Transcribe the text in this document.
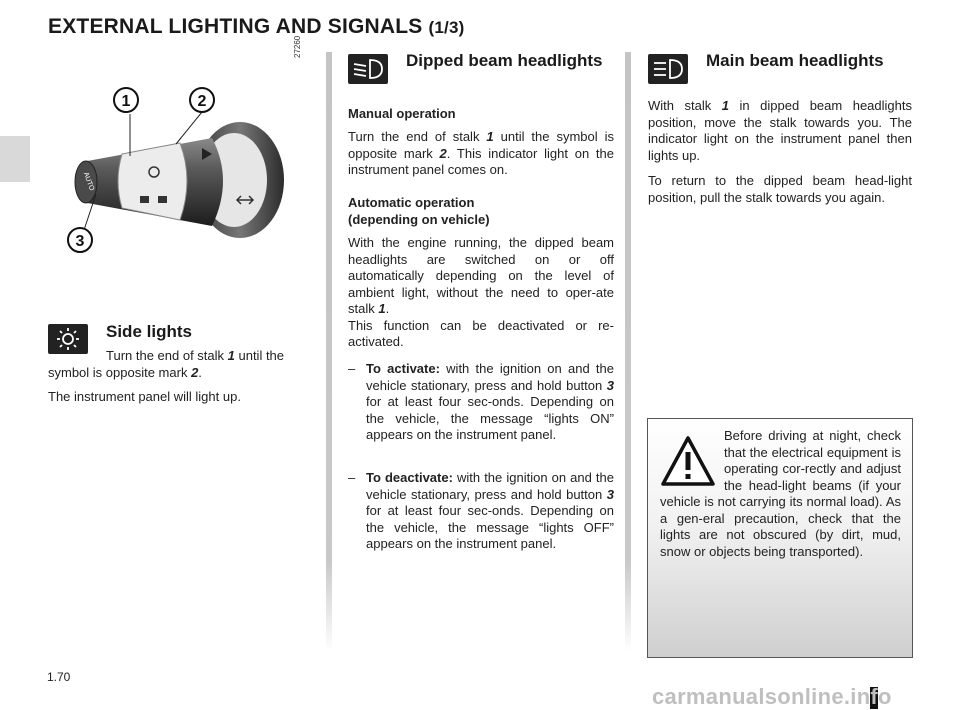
EXTERNAL LIGHTING AND SIGNALS (1/3)
27260
AUTO
1	2
3
Side lights
Turn the end of stalk 1 until the symbol is opposite mark 2.
The instrument panel will light up.
Dipped beam headlights
Manual operation
Turn the end of stalk 1 until the symbol is opposite mark 2. This indicator light on the instrument panel comes on.
Automatic operation
(depending on vehicle)
With the engine running, the dipped beam headlights are switched on or off automatically depending on the level of ambient light, without the need to oper-ate stalk 1.
This function can be deactivated or re-activated.
– To activate: with the ignition on and the vehicle stationary, press and hold button 3 for at least four sec-onds. Depending on the vehicle, the message “lights ON” appears on the instrument panel.
– To deactivate: with the ignition on and the vehicle stationary, press and hold button 3 for at least four sec-onds. Depending on the vehicle, the message “lights OFF” appears on the instrument panel.
Main beam headlights
With stalk 1 in dipped beam headlights position, move the stalk towards you. The indicator light on the instrument panel then lights up.
To return to the dipped beam head-light position, pull the stalk towards you again.
Before driving at night, check that the electrical equipment is operating cor-rectly and adjust the head-light beams (if your vehicle is not carrying its normal load). As a gen-eral precaution, check that the lights are not obscured (by dirt, mud, snow or objects being transported).
1.70
carmanualsonline.info
